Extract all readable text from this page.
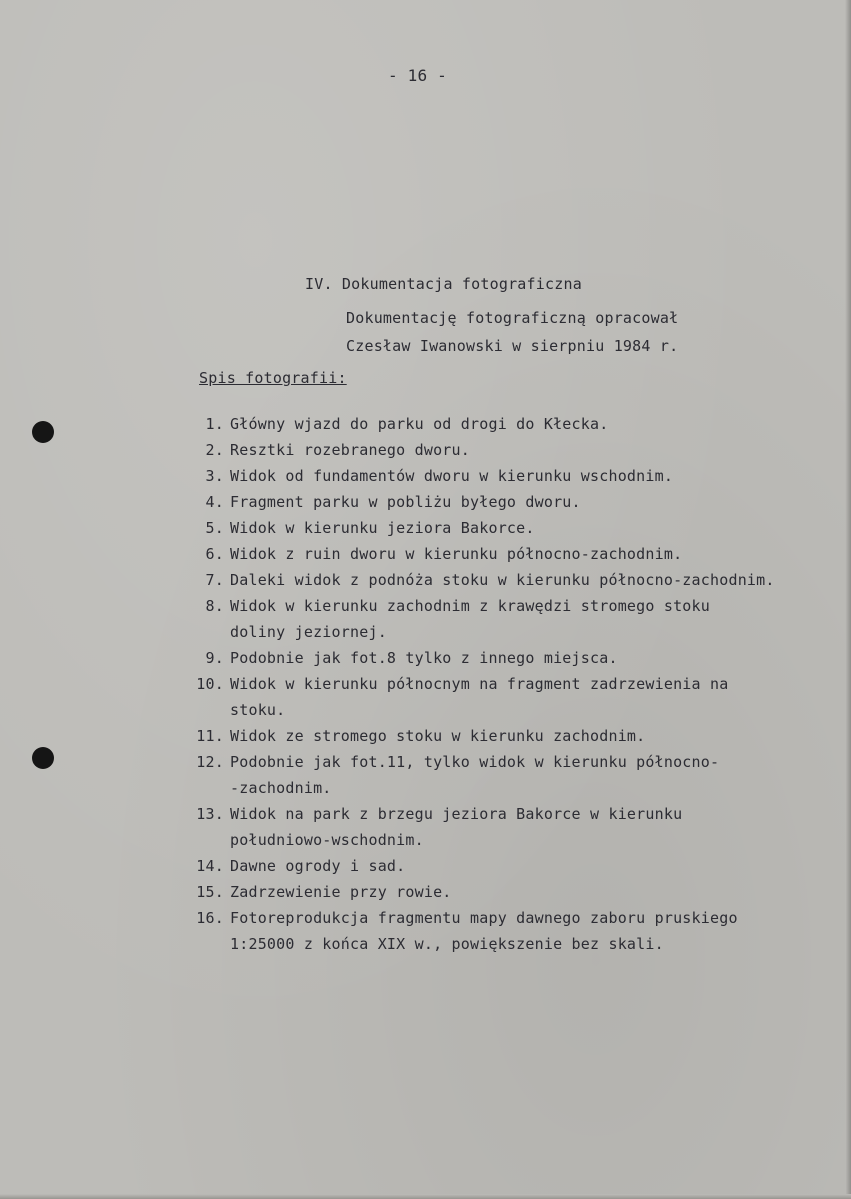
- 16 -
IV. Dokumentacja fotograficzna
Dokumentację fotograficzną opracował
Czesław Iwanowski w sierpniu 1984 r.
Spis fotografii:
1. Główny wjazd do parku od drogi do Kłecka.
2. Resztki rozebranego dworu.
3. Widok od fundamentów dworu w kierunku wschodnim.
4. Fragment parku w pobliżu byłego dworu.
5. Widok w kierunku jeziora Bakorce.
6. Widok z ruin dworu w kierunku północno-zachodnim.
7. Daleki widok z podnóża stoku w kierunku północno-zachodnim.
8. Widok w kierunku zachodnim z krawędzi stromego stoku
doliny jeziornej.
9. Podobnie jak fot.8 tylko z innego miejsca.
10. Widok w kierunku północnym na fragment zadrzewienia na
stoku.
11. Widok ze stromego stoku w kierunku zachodnim.
12. Podobnie jak fot.11, tylko widok w kierunku północno-
-zachodnim.
13. Widok na park z brzegu jeziora Bakorce w kierunku
południowo-wschodnim.
14. Dawne ogrody i sad.
15. Zadrzewienie przy rowie.
16. Fotoreprodukcja fragmentu mapy dawnego zaboru pruskiego
1:25000 z końca XIX w., powiększenie bez skali.
